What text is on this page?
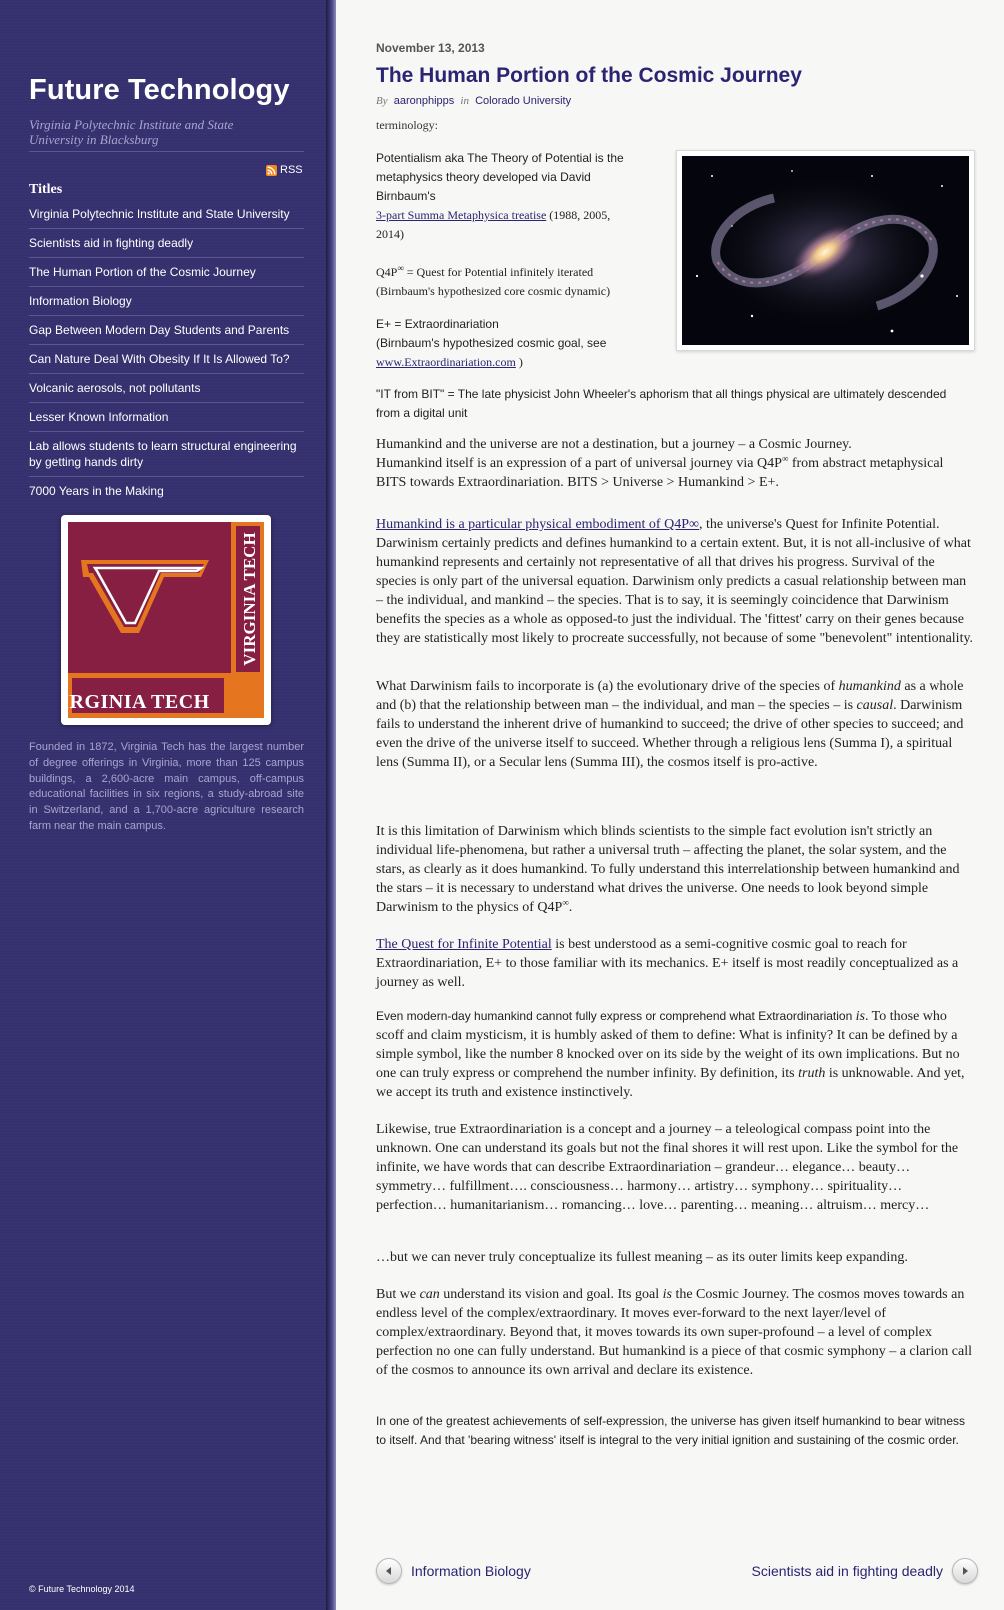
Future Technology
Virginia Polytechnic Institute and State University in Blacksburg
RSS
Titles
Virginia Polytechnic Institute and State University
Scientists aid in fighting deadly
The Human Portion of the Cosmic Journey
Information Biology
Gap Between Modern Day Students and Parents
Can Nature Deal With Obesity If It Is Allowed To?
Volcanic aerosols, not pollutants
Lesser Known Information
Lab allows students to learn structural engineering by getting hands dirty
7000 Years in the Making
VIRGINIA TECH
VIRGINIA TECH
Founded in 1872, Virginia Tech has the largest number of degree offerings in Virginia, more than 125 campus buildings, a 2,600-acre main campus, off-campus educational facilities in six regions, a study-abroad site in Switzerland, and a 1,700-acre agriculture research farm near the main campus.
© Future Technology 2014
November 13, 2013
The Human Portion of the Cosmic Journey
By aaronphipps in Colorado University
terminology:
Potentialism aka The Theory of Potential is the metaphysics theory developed via David Birnbaum's
3-part Summa Metaphysica treatise (1988, 2005, 2014)
Q4P∞ = Quest for Potential infinitely iterated (Birnbaum's hypothesized core cosmic dynamic)
E+ = Extraordinariation
(Birnbaum's hypothesized cosmic goal, see
www.Extraordinariation.com )
"IT from BIT" = The late physicist John Wheeler's aphorism that all things physical are ultimately descended from a digital unit
Humankind and the universe are not a destination, but a journey – a Cosmic Journey.
Humankind itself is an expression of a part of universal journey via Q4P∞ from abstract metaphysical BITS towards Extraordinariation. BITS > Universe > Humankind > E+.
Humankind is a particular physical embodiment of Q4P∞, the universe's Quest for Infinite Potential. Darwinism certainly predicts and defines humankind to a certain extent. But, it is not all-inclusive of what humankind represents and certainly not representative of all that drives his progress. Survival of the species is only part of the universal equation. Darwinism only predicts a casual relationship between man – the individual, and mankind – the species. That is to say, it is seemingly coincidence that Darwinism benefits the species as a whole as opposed-to just the individual. The 'fittest' carry on their genes because they are statistically most likely to procreate successfully, not because of some "benevolent" intentionality.
What Darwinism fails to incorporate is (a) the evolutionary drive of the species of humankind as a whole and (b) that the relationship between man – the individual, and man – the species – is causal. Darwinism fails to understand the inherent drive of humankind to succeed; the drive of other species to succeed; and even the drive of the universe itself to succeed. Whether through a religious lens (Summa I), a spiritual lens (Summa II), or a Secular lens (Summa III), the cosmos itself is pro-active.
It is this limitation of Darwinism which blinds scientists to the simple fact evolution isn't strictly an individual life-phenomena, but rather a universal truth – affecting the planet, the solar system, and the stars, as clearly as it does humankind. To fully understand this interrelationship between humankind and the stars – it is necessary to understand what drives the universe. One needs to look beyond simple Darwinism to the physics of Q4P∞.
The Quest for Infinite Potential is best understood as a semi-cognitive cosmic goal to reach for Extraordinariation, E+ to those familiar with its mechanics. E+ itself is most readily conceptualized as a journey as well.
Even modern-day humankind cannot fully express or comprehend what Extraordinariation is. To those who scoff and claim mysticism, it is humbly asked of them to define: What is infinity? It can be defined by a simple symbol, like the number 8 knocked over on its side by the weight of its own implications. But no one can truly express or comprehend the number infinity. By definition, its truth is unknowable. And yet, we accept its truth and existence instinctively.
Likewise, true Extraordinariation is a concept and a journey – a teleological compass point into the unknown. One can understand its goals but not the final shores it will rest upon. Like the symbol for the infinite, we have words that can describe Extraordinariation – grandeur… elegance… beauty… symmetry… fulfillment…. consciousness… harmony… artistry… symphony… spirituality… perfection… humanitarianism… romancing… love… parenting… meaning… altruism… mercy…
…but we can never truly conceptualize its fullest meaning – as its outer limits keep expanding.
But we can understand its vision and goal. Its goal is the Cosmic Journey. The cosmos moves towards an endless level of the complex/extraordinary. It moves ever-forward to the next layer/level of complex/extraordinary. Beyond that, it moves towards its own super-profound – a level of complex perfection no one can fully understand. But humankind is a piece of that cosmic symphony – a clarion call of the cosmos to announce its own arrival and declare its existence.
In one of the greatest achievements of self-expression, the universe has given itself humankind to bear witness to itself. And that 'bearing witness' itself is integral to the very initial ignition and sustaining of the cosmic order.
Information Biology	Scientists aid in fighting deadly
